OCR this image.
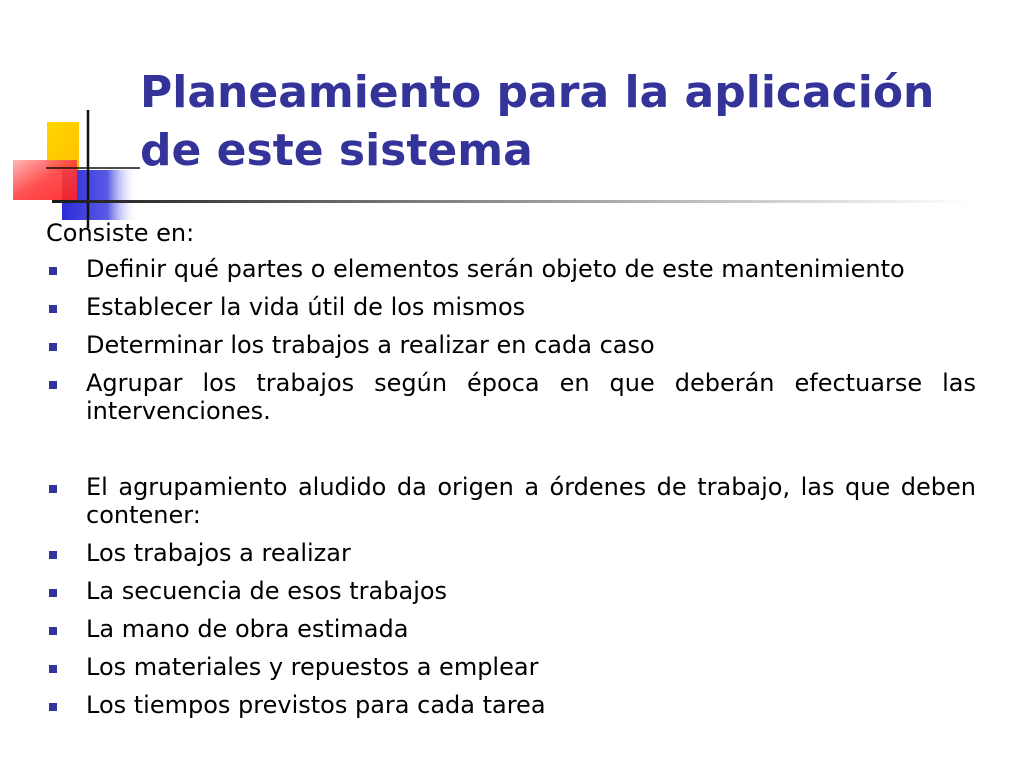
Planeamiento para la aplicación
de este sistema

Consiste en:

Definir qué partes o elementos serán objeto de este mantenimiento
Establecer la vida útil de los mismos
Determinar los trabajos a realizar en cada caso
Agrupar los trabajos según época en que deberán efectuarse las intervenciones.
El agrupamiento aludido da origen a órdenes de trabajo, las que deben contener:
Los trabajos a realizar
La secuencia de esos trabajos
La mano de obra estimada
Los materiales y repuestos a emplear
Los tiempos previstos para cada tarea
